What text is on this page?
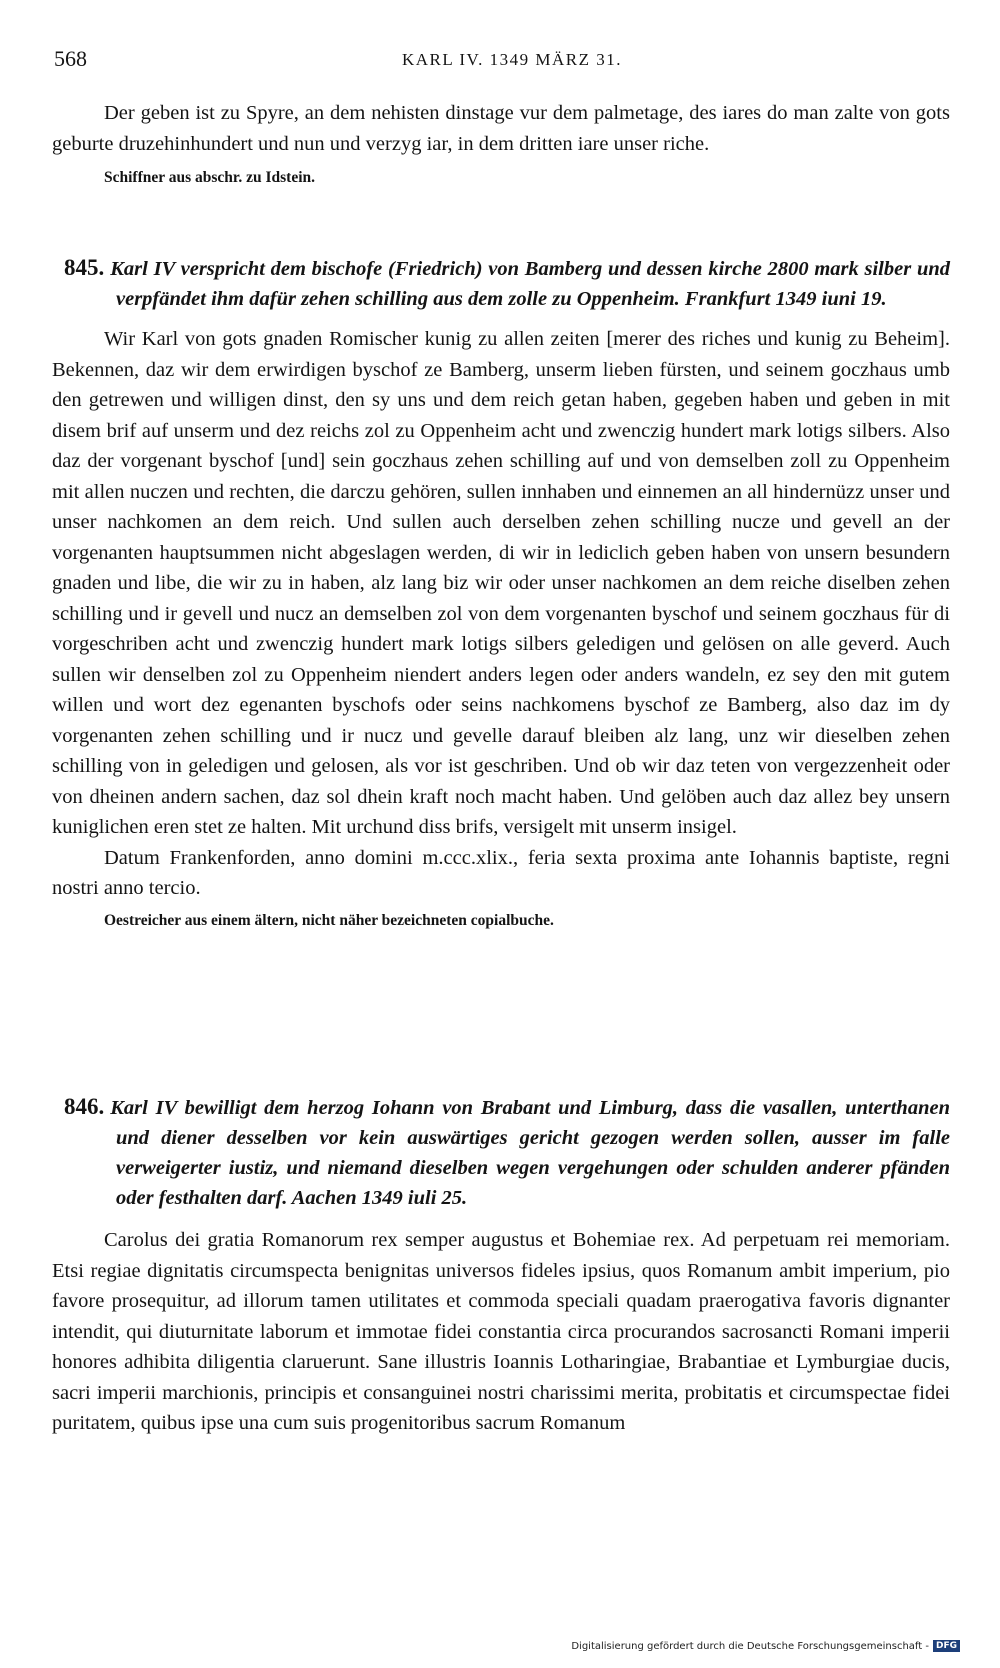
568	KARL IV. 1349 MÄRZ 31.

Der geben ist zu Spyre, an dem nehisten dinstage vur dem palmetage, des iares do man zalte von gots geburte druzehinhundert und nun und verzyg iar, in dem dritten iare unser riche.

Schiffner aus abschr. zu Idstein.
845. Karl IV verspricht dem bischofe (Friedrich) von Bamberg und dessen kirche 2800 mark silber und verpfändet ihm dafür zehen schilling aus dem zolle zu Oppenheim. Frankfurt 1349 iuni 19.

Wir Karl von gots gnaden Romischer kunig zu allen zeiten [merer des riches und kunig zu Beheim]. Bekennen, daz wir dem erwirdigen byschof ze Bamberg, unserm lieben fürsten, und seinem goczhaus umb den getrewen und willigen dinst, den sy uns und dem reich getan haben, gegeben haben und geben in mit disem brif auf unserm und dez reichs zol zu Oppenheim acht und zwenczig hundert mark lotigs silbers. Also daz der vorgenant byschof [und] sein goczhaus zehen schilling auf und von demselben zoll zu Oppenheim mit allen nuczen und rechten, die darczu gehören, sullen innhaben und einnemen an all hindernüzz unser und unser nachkomen an dem reich. Und sullen auch derselben zehen schilling nucze und gevell an der vorgenanten hauptsummen nicht abgeslagen werden, di wir in lediclich geben haben von unsern besundern gnaden und libe, die wir zu in haben, alz lang biz wir oder unser nachkomen an dem reiche diselben zehen schilling und ir gevell und nucz an demselben zol von dem vorgenanten byschof und seinem goczhaus für di vorgeschriben acht und zwenczig hundert mark lotigs silbers geledigen und gelösen on alle geverd. Auch sullen wir denselben zol zu Oppenheim niendert anders legen oder anders wandeln, ez sey den mit gutem willen und wort dez egenanten byschofs oder seins nachkomens byschof ze Bamberg, also daz im dy vorgenanten zehen schilling und ir nucz und gevelle darauf bleiben alz lang, unz wir dieselben zehen schilling von in geledigen und gelosen, als vor ist geschriben. Und ob wir daz teten von vergezzenheit oder von dheinen andern sachen, daz sol dhein kraft noch macht haben. Und gelöben auch daz allez bey unsern kuniglichen eren stet ze halten. Mit urchund diss brifs, versigelt mit unserm insigel.

Datum Frankenforden, anno domini m.ccc.xlix., feria sexta proxima ante Iohannis baptiste, regni nostri anno tercio.

Oestreicher aus einem ältern, nicht näher bezeichneten copialbuche.
846. Karl IV bewilligt dem herzog Iohann von Brabant und Limburg, dass die vasallen, unterthanen und diener desselben vor kein auswärtiges gericht gezogen werden sollen, ausser im falle verweigerter iustiz, und niemand dieselben wegen vergehungen oder schulden anderer pfänden oder festhalten darf. Aachen 1349 iuli 25.

Carolus dei gratia Romanorum rex semper augustus et Bohemiae rex. Ad perpetuam rei memoriam. Etsi regiae dignitatis circumspecta benignitas universos fideles ipsius, quos Romanum ambit imperium, pio favore prosequitur, ad illorum tamen utilitates et commoda speciali quadam praerogativa favoris dignanter intendit, qui diuturnitate laborum et immotae fidei constantia circa procurandos sacrosancti Romani imperii honores adhibita diligentia claruerunt. Sane illustris Ioannis Lotharingiae, Brabantiae et Lymburgiae ducis, sacri imperii marchionis, principis et consanguinei nostri charissimi merita, probitatis et circumspectae fidei puritatem, quibus ipse una cum suis progenitoribus sacrum Romanum

Digitalisierung gefördert durch die Deutsche Forschungsgemeinschaft - DFG
